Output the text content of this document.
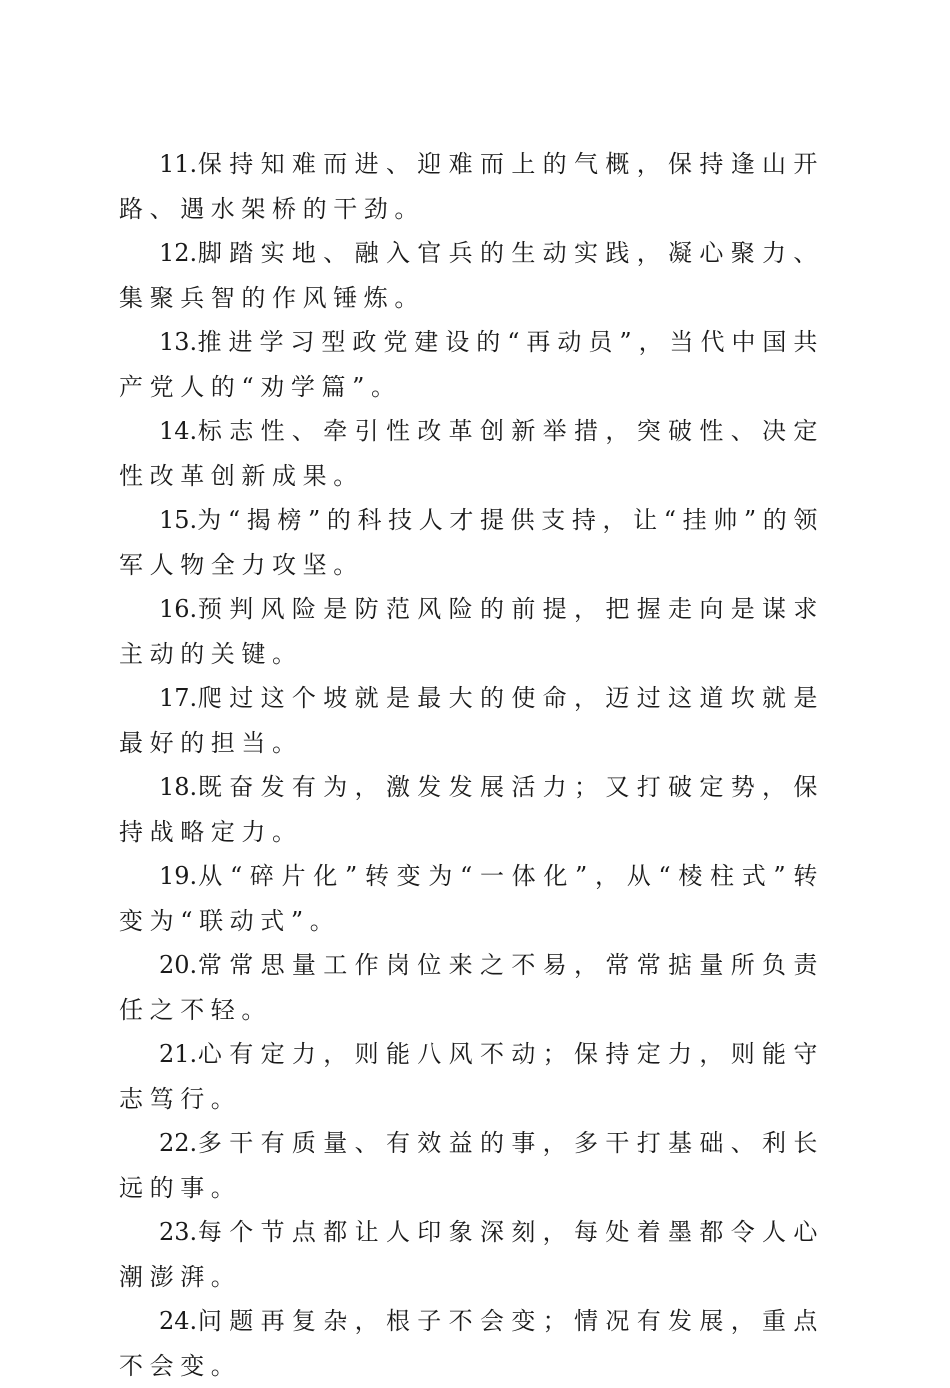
11.保持知难而进、迎难而上的气概，保持逢山开路、遇水架桥的干劲。

12.脚踏实地、融入官兵的生动实践，凝心聚力、集聚兵智的作风锤炼。

13.推进学习型政党建设的“再动员”，当代中国共产党人的“劝学篇”。

14.标志性、牵引性改革创新举措，突破性、决定性改革创新成果。

15.为“揭榜”的科技人才提供支持，让“挂帅”的领军人物全力攻坚。

16.预判风险是防范风险的前提，把握走向是谋求主动的关键。

17.爬过这个坡就是最大的使命，迈过这道坎就是最好的担当。

18.既奋发有为，激发发展活力；又打破定势，保持战略定力。

19.从“碎片化”转变为“一体化”，从“棱柱式”转变为“联动式”。

20.常常思量工作岗位来之不易，常常掂量所负责任之不轻。

21.心有定力，则能八风不动；保持定力，则能守志笃行。

22.多干有质量、有效益的事，多干打基础、利长远的事。

23.每个节点都让人印象深刻，每处着墨都令人心潮澎湃。

24.问题再复杂，根子不会变；情况有发展，重点不会变。
